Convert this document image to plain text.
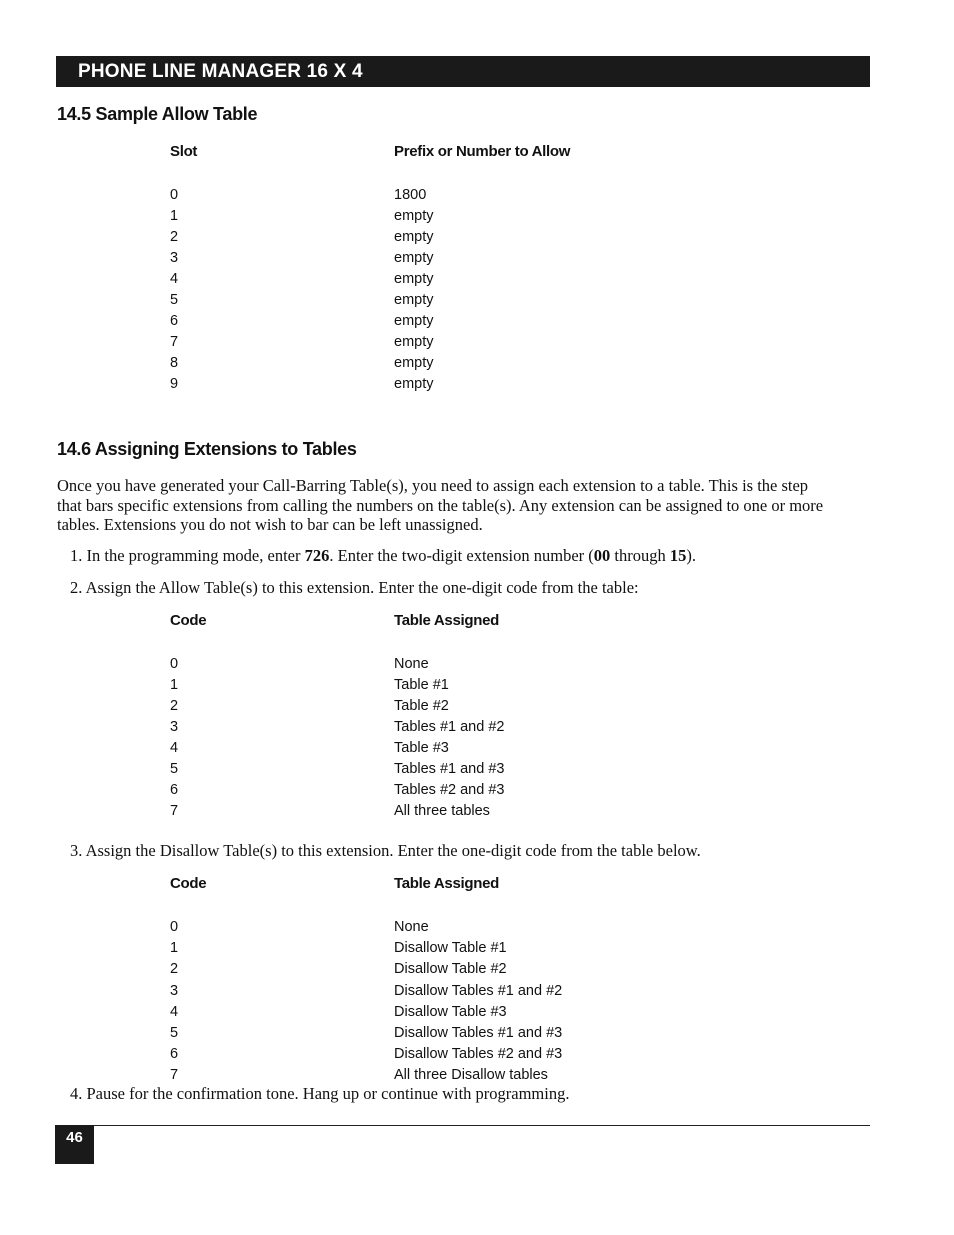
PHONE LINE MANAGER 16 X 4
14.5 Sample Allow Table
Slot	Prefix or Number to Allow
0	1800
1	empty
2	empty
3	empty
4	empty
5	empty
6	empty
7	empty
8	empty
9	empty
14.6 Assigning Extensions to Tables
Once you have generated your Call-Barring Table(s), you need to assign each extension to a table. This is the step that bars specific extensions from calling the numbers on the table(s). Any extension can be assigned to one or more tables. Extensions you do not wish to bar can be left unassigned.
1. In the programming mode, enter 726. Enter the two-digit extension number (00 through 15).
2. Assign the Allow Table(s) to this extension. Enter the one-digit code from the table:
Code	Table Assigned
0	None
1	Table #1
2	Table #2
3	Tables #1 and #2
4	Table #3
5	Tables #1 and #3
6	Tables #2 and #3
7	All three tables
3. Assign the Disallow Table(s) to this extension. Enter the one-digit code from the table below.
Code	Table Assigned
0	None
1	Disallow Table #1
2	Disallow Table #2
3	Disallow Tables #1 and #2
4	Disallow Table #3
5	Disallow Tables #1 and #3
6	Disallow Tables #2 and #3
7	All three Disallow tables
4. Pause for the confirmation tone. Hang up or continue with programming.
46
